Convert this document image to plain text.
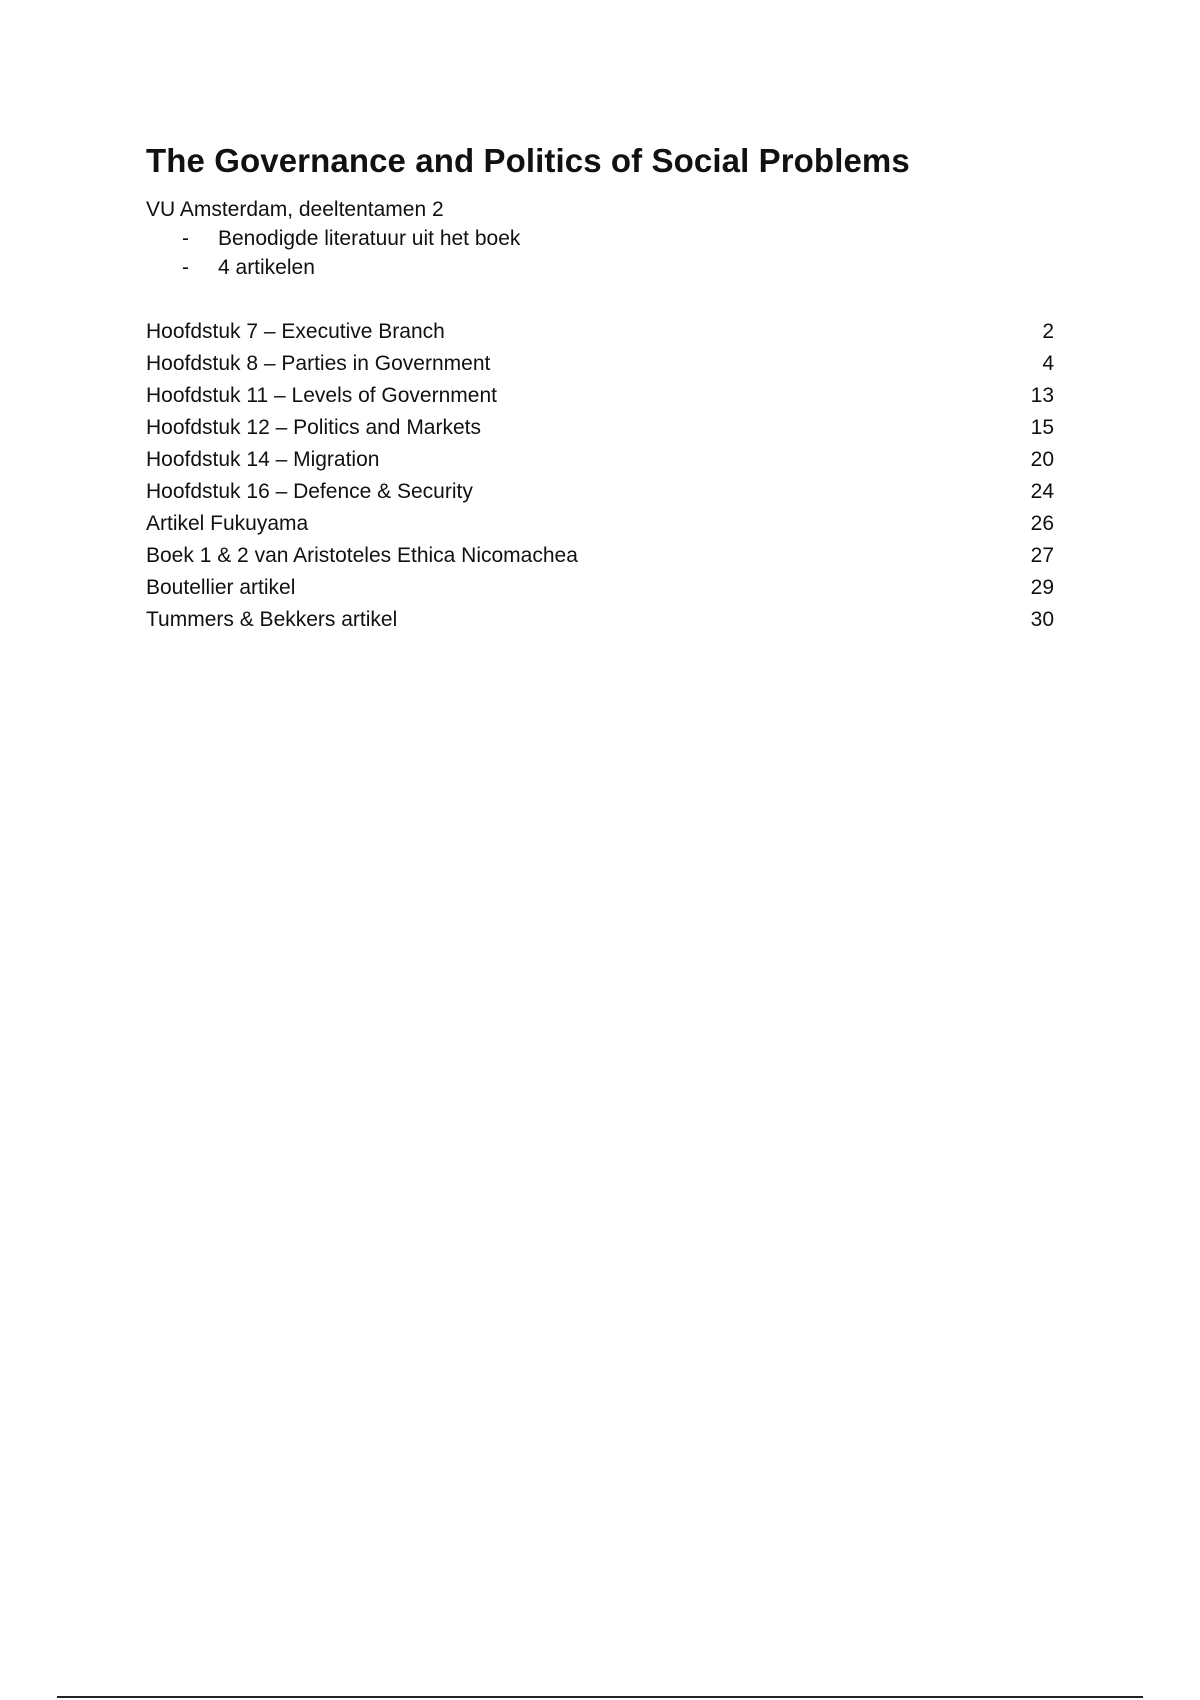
The Governance and Politics of Social Problems
VU Amsterdam, deeltentamen 2
- Benodigde literatuur uit het boek
- 4 artikelen
Hoofdstuk 7 – Executive Branch	2
Hoofdstuk 8 – Parties in Government	4
Hoofdstuk 11 – Levels of Government	13
Hoofdstuk 12 – Politics and Markets	15
Hoofdstuk 14 – Migration	20
Hoofdstuk 16 – Defence & Security	24
Artikel Fukuyama	26
Boek 1 & 2 van Aristoteles Ethica Nicomachea	27
Boutellier artikel	29
Tummers & Bekkers artikel	30
